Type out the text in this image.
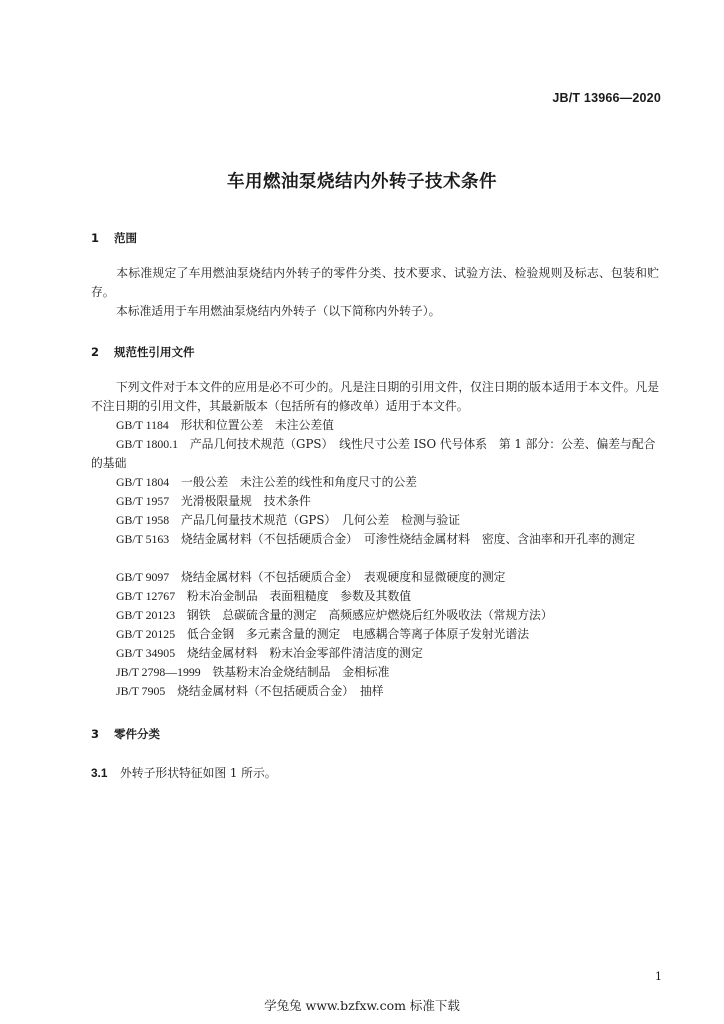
JB/T 13966—2020
车用燃油泵烧结内外转子技术条件
1 范围
本标准规定了车用燃油泵烧结内外转子的零件分类、技术要求、试验方法、检验规则及标志、包装和贮存。
本标准适用于车用燃油泵烧结内外转子（以下简称内外转子）。
2 规范性引用文件
下列文件对于本文件的应用是必不可少的。凡是注日期的引用文件，仅注日期的版本适用于本文件。凡是不注日期的引用文件，其最新版本（包括所有的修改单）适用于本文件。
GB/T 1184　 形状和位置公差　未注公差值
GB/T 1800.1　 产品几何技术规范（GPS）　线性尺寸公差 ISO 代号体系　第 1 部分：公差、偏差与配合的基础
GB/T 1804　 一般公差　未注公差的线性和角度尺寸的公差
GB/T 1957　 光滑极限量规　技术条件
GB/T 1958　 产品几何量技术规范（GPS）　几何公差　检测与验证
GB/T 5163　 烧结金属材料（不包括硬质合金）　可渗性烧结金属材料　密度、含油率和开孔率的测定
GB/T 9097　 烧结金属材料（不包括硬质合金）　表观硬度和显微硬度的测定
GB/T 12767　 粉末冶金制品　表面粗糙度　参数及其数值
GB/T 20123　 钢铁　总碳硫含量的测定　高频感应炉燃烧后红外吸收法（常规方法）
GB/T 20125　 低合金钢　多元素含量的测定　电感耦合等离子体原子发射光谱法
GB/T 34905　 烧结金属材料　粉末冶金零部件清洁度的测定
JB/T 2798—1999　 铁基粉末冶金烧结制品　金相标准
JB/T 7905　 烧结金属材料（不包括硬质合金）　抽样
3 零件分类
3.1 外转子形状特征如图 1 所示。
1
学兔兔 www.bzfxw.com 标准下载
